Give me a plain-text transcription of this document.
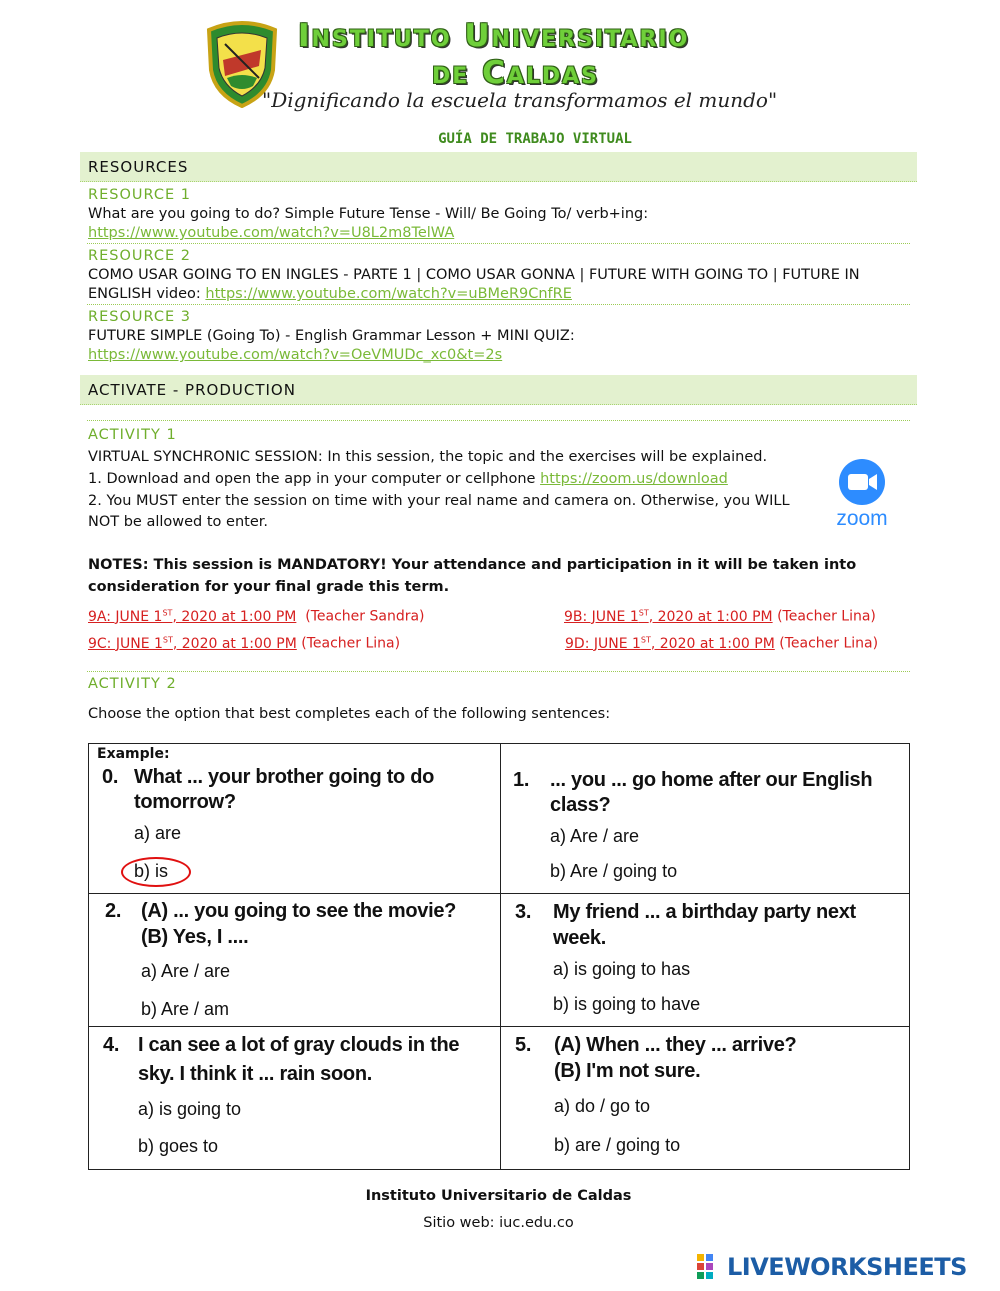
Instituto Universitario
de Caldas
"Dignificando la escuela transformamos el mundo"
GUÍA DE TRABAJO VIRTUAL
RESOURCES
RESOURCE 1
What are you going to do? Simple Future Tense - Will/ Be Going To/ verb+ing:
https://www.youtube.com/watch?v=U8L2m8TelWA
RESOURCE 2
COMO USAR GOING TO EN INGLES - PARTE 1 | COMO USAR GONNA | FUTURE WITH GOING TO | FUTURE IN
ENGLISH video: https://www.youtube.com/watch?v=uBMeR9CnfRE
RESOURCE 3
FUTURE SIMPLE (Going To) - English Grammar Lesson + MINI QUIZ:
https://www.youtube.com/watch?v=OeVMUDc_xc0&t=2s
ACTIVATE - PRODUCTION
ACTIVITY 1
VIRTUAL SYNCHRONIC SESSION: In this session, the topic and the exercises will be explained.
1. Download and open the app in your computer or cellphone https://zoom.us/download
2. You MUST enter the session on time with your real name and camera on. Otherwise, you WILL
NOT be allowed to enter.	zoom
NOTES: This session is MANDATORY! Your attendance and participation in it will be taken into
consideration for your final grade this term.
9A: JUNE 1ST, 2020 at 1:00 PM  (Teacher Sandra)	9B: JUNE 1ST, 2020 at 1:00 PM (Teacher Lina)
9C: JUNE 1ST, 2020 at 1:00 PM (Teacher Lina)	9D: JUNE 1ST, 2020 at 1:00 PM (Teacher Lina)
ACTIVITY 2
Choose the option that best completes each of the following sentences:
Example:
0. What ... your brother going to do
tomorrow?
a) are
b) is
1. ... you ... go home after our English
class?
a) Are / are
b) Are / going to
2. (A) ... you going to see the movie?
(B) Yes, I ....
a) Are / are
b) Are / am
3. My friend ... a birthday party next
week.
a) is going to has
b) is going to have
4. I can see a lot of gray clouds in the
sky. I think it ... rain soon.
a) is going to
b) goes to
5. (A) When ... they ... arrive?
(B) I'm not sure.
a) do / go to
b) are / going to
Instituto Universitario de Caldas
Sitio web: iuc.edu.co
LIVEWORKSHEETS
